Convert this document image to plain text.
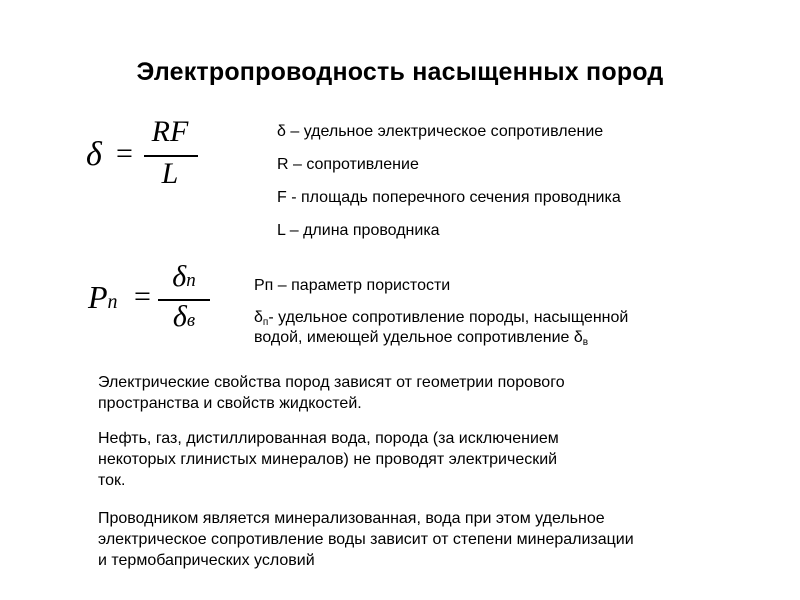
Электропроводность насыщенных пород
δ =
RF
L
δ – удельное электрическое сопротивление
R – сопротивление
F - площадь поперечного сечения проводника
L – длина проводника
Pn =
δn
δв
Рп – параметр пористости
$\delta_п-$ удельное сопротивление породы, насыщенной
водой, имеющей удельное сопротивление $\delta_в$
Электрические свойства пород зависят от геометрии порового пространства и свойств жидкостей.
Нефть, газ, дистиллированная вода, порода (за исключением некоторых глинистых минералов) не проводят электрический ток.
Проводником является минерализованная, вода при этом удельное электрическое сопротивление воды зависит от степени минерализации и термобапрических условий
